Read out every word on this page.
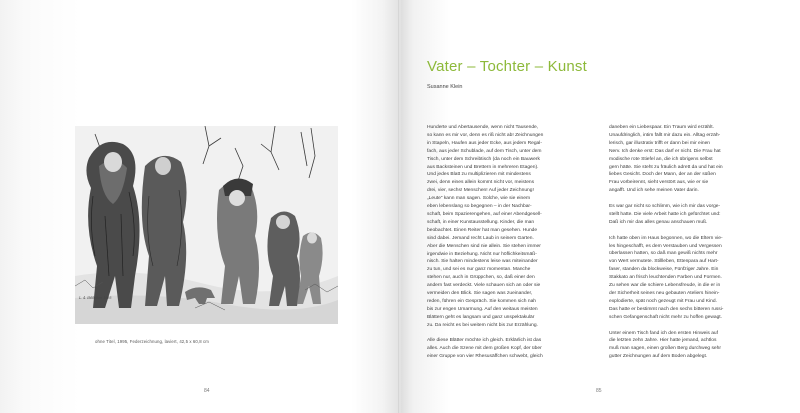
L. 4. Iblibchen 1995
ohne Titel, 1995, Federzeichnung, laviert, 42,5 x 60,8 cm
84
Vater – Tochter – Kunst
Susanne Klein

Hunderte und Abertausende, wenn nicht Tausende,
so kann es mir vor, denn es riß nicht ab! Zeichnungen
in Stapeln, Haufen aus jeder Ecke, aus jedem Regal-
fach, aus jeder Schublade, auf dem Tisch, unter dem
Tisch, unter dem Schreibtisch (da noch ein Bauwerk
aus Backsteinen und Brettern in mehreren Etagen).
Und jedes Blatt zu multiplizieren mit mindestens
zwei, denn eines allein kommt nicht vor, meistens
drei, vier, sechs! Menschen! Auf jeder Zeichnung!
„Leute“ kann man sagen. Solche, wie sie einem
eben lebenslang so begegnen – in der Nachbar-
schaft, beim Spazierengehen, auf einer Abendgesell-
schaft, in einer Kunstausstellung. Kinder, die man
beobachtet. Einen Reiter hat man gesehen. Hunde
sind dabei. Jemand recht Laub in seinem Garten.
Aber die Menschen sind nie allein. Sie stehen immer
irgendwie in Beziehung. Nicht nur höflichkeitsmäß-
nisch. Sie halten mindestens leise was miteinander
zu tun, und sei es nur ganz momentan. Manche
stehen nur, auch in Grüppchen, so, daß einer den
andern fast verdeckt. Viele schauen sich an oder sie
vermeiden den Blick. Sie sagen was zueinander,
reden, führen ein Gespräch. Sie kommen sich nah
bis zur engen Umarmung. Auf den weitaus meisten
Blättern geht es langsam und ganz unspektakulär
zu. Da reicht es bei weitem nicht bis zur Erzählung.

Alle diese Blätter möchte ich gleich. Erklärlich ist das
alles. Auch die Szene mit dem großen Kopf, der über
einer Gruppe von vier Rhesusäffchen schwebt, gleich

daneben ein Liebespaar. Ein Traum wird erzählt.
Unaufdringlich, intim fällt mir dazu ein. Alltag erzäh-
lerisch, gar illustrativ trifft er dann bei mir einen
Nerv. Ich denke erst: Das darf er nicht. Die Frau hat
modische rote Stiefel an, die ich übrigens selbst
gern hätte. Sie steht zu fräulich adrett da und hat ein
liebes Gesicht. Doch der Mann, der an der süßen
Frau vorbeirennt, sieht verstört aus, wie er sie
angafft. Und ich sehe meinen Vater darin.

Es war gar nicht so schlimm, wie ich mir das vorge-
stellt hatte. Die viele Arbeit hatte ich gefürchtet und:
Daß ich mir das alles genau anschauen muß.

Ich hatte oben im Haus begonnen, wo die Eltern vie-
les hingeschafft, es dem Verstauben und Vergessen
überlassen hatten, so daß man gewiß nichts mehr
von Wert vermutete. Stillleben, Ettenpara auf Hart-
faser, standen da blockweise, Fünfziger Jahre. Ein
Stakkato an frisch leuchtenden Farben und Formen.
Zu sehen war die schiere Lebensfreude, in die er in
der Sicherheit seines neu gebauten Ateliers hinein-
explodierte, spät noch gezeugt mit Frau und Kind.
Das hatte er bestimmt nach den sechs bitteren russi-
schen Gefangenschaft nicht mehr zu hoffen gewagt.

Unter einem Tisch fand ich den ersten Hinweis auf
die letzten zehn Jahre. Hier hatte jemand, achtlos
muß man sagen, einen großen Berg durchweg sehr
gutter Zeichnungen auf dem Boden abgelegt.

85
